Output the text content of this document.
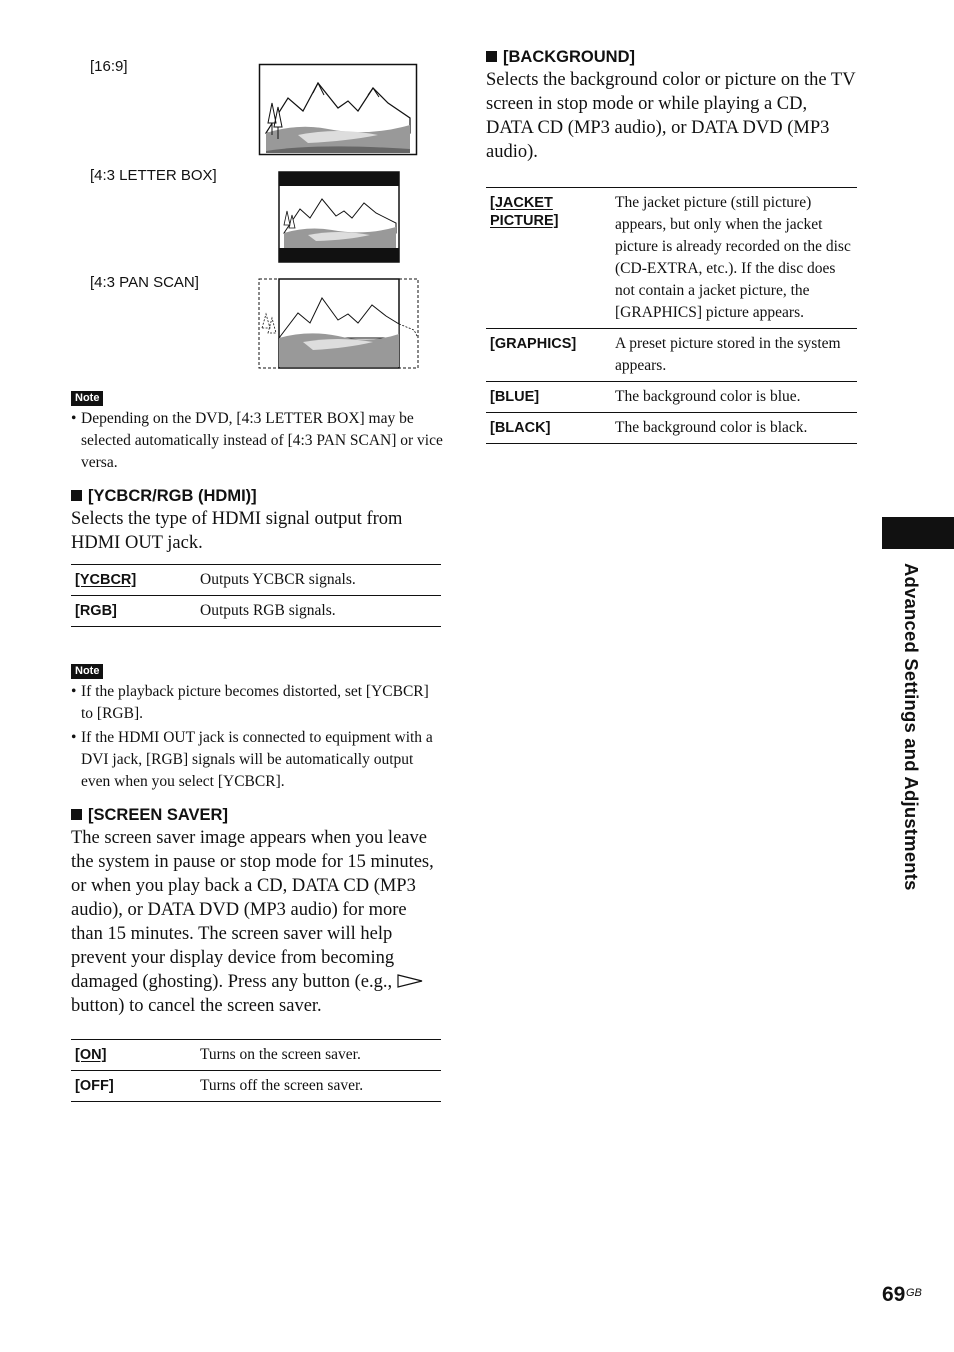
[16:9]
[4:3 LETTER BOX]
[4:3 PAN SCAN]
Note
• Depending on the DVD, [4:3 LETTER BOX] may be selected automatically instead of [4:3 PAN SCAN] or vice versa.
[YCBCR/RGB (HDMI)]

Selects the type of HDMI signal output from HDMI OUT jack.

[YCBCR]	Outputs YCBCR signals.
[RGB]	Outputs RGB signals.
Note
• If the playback picture becomes distorted, set [YCBCR] to [RGB].
• If the HDMI OUT jack is connected to equipment with a DVI jack, [RGB] signals will be automatically output even when you select [YCBCR].
[SCREEN SAVER]

The screen saver image appears when you leave the system in pause or stop mode for 15 minutes, or when you play back a CD, DATA CD (MP3 audio), or DATA DVD (MP3 audio) for more than 15 minutes. The screen saver will help prevent your display device from becoming damaged (ghosting). Press any button (e.g.,  button) to cancel the screen saver.

[ON]	Turns on the screen saver.
[OFF]	Turns off the screen saver.
[BACKGROUND]

Selects the background color or picture on the TV screen in stop mode or while playing a CD, DATA CD (MP3 audio), or DATA DVD (MP3 audio).

[JACKET PICTURE]	The jacket picture (still picture) appears, but only when the jacket picture is already recorded on the disc (CD-EXTRA, etc.). If the disc does not contain a jacket picture, the [GRAPHICS] picture appears.
[GRAPHICS]	A preset picture stored in the system appears.
[BLUE]	The background color is blue.
[BLACK]	The background color is black.
Advanced Settings and Adjustments
69 GB
